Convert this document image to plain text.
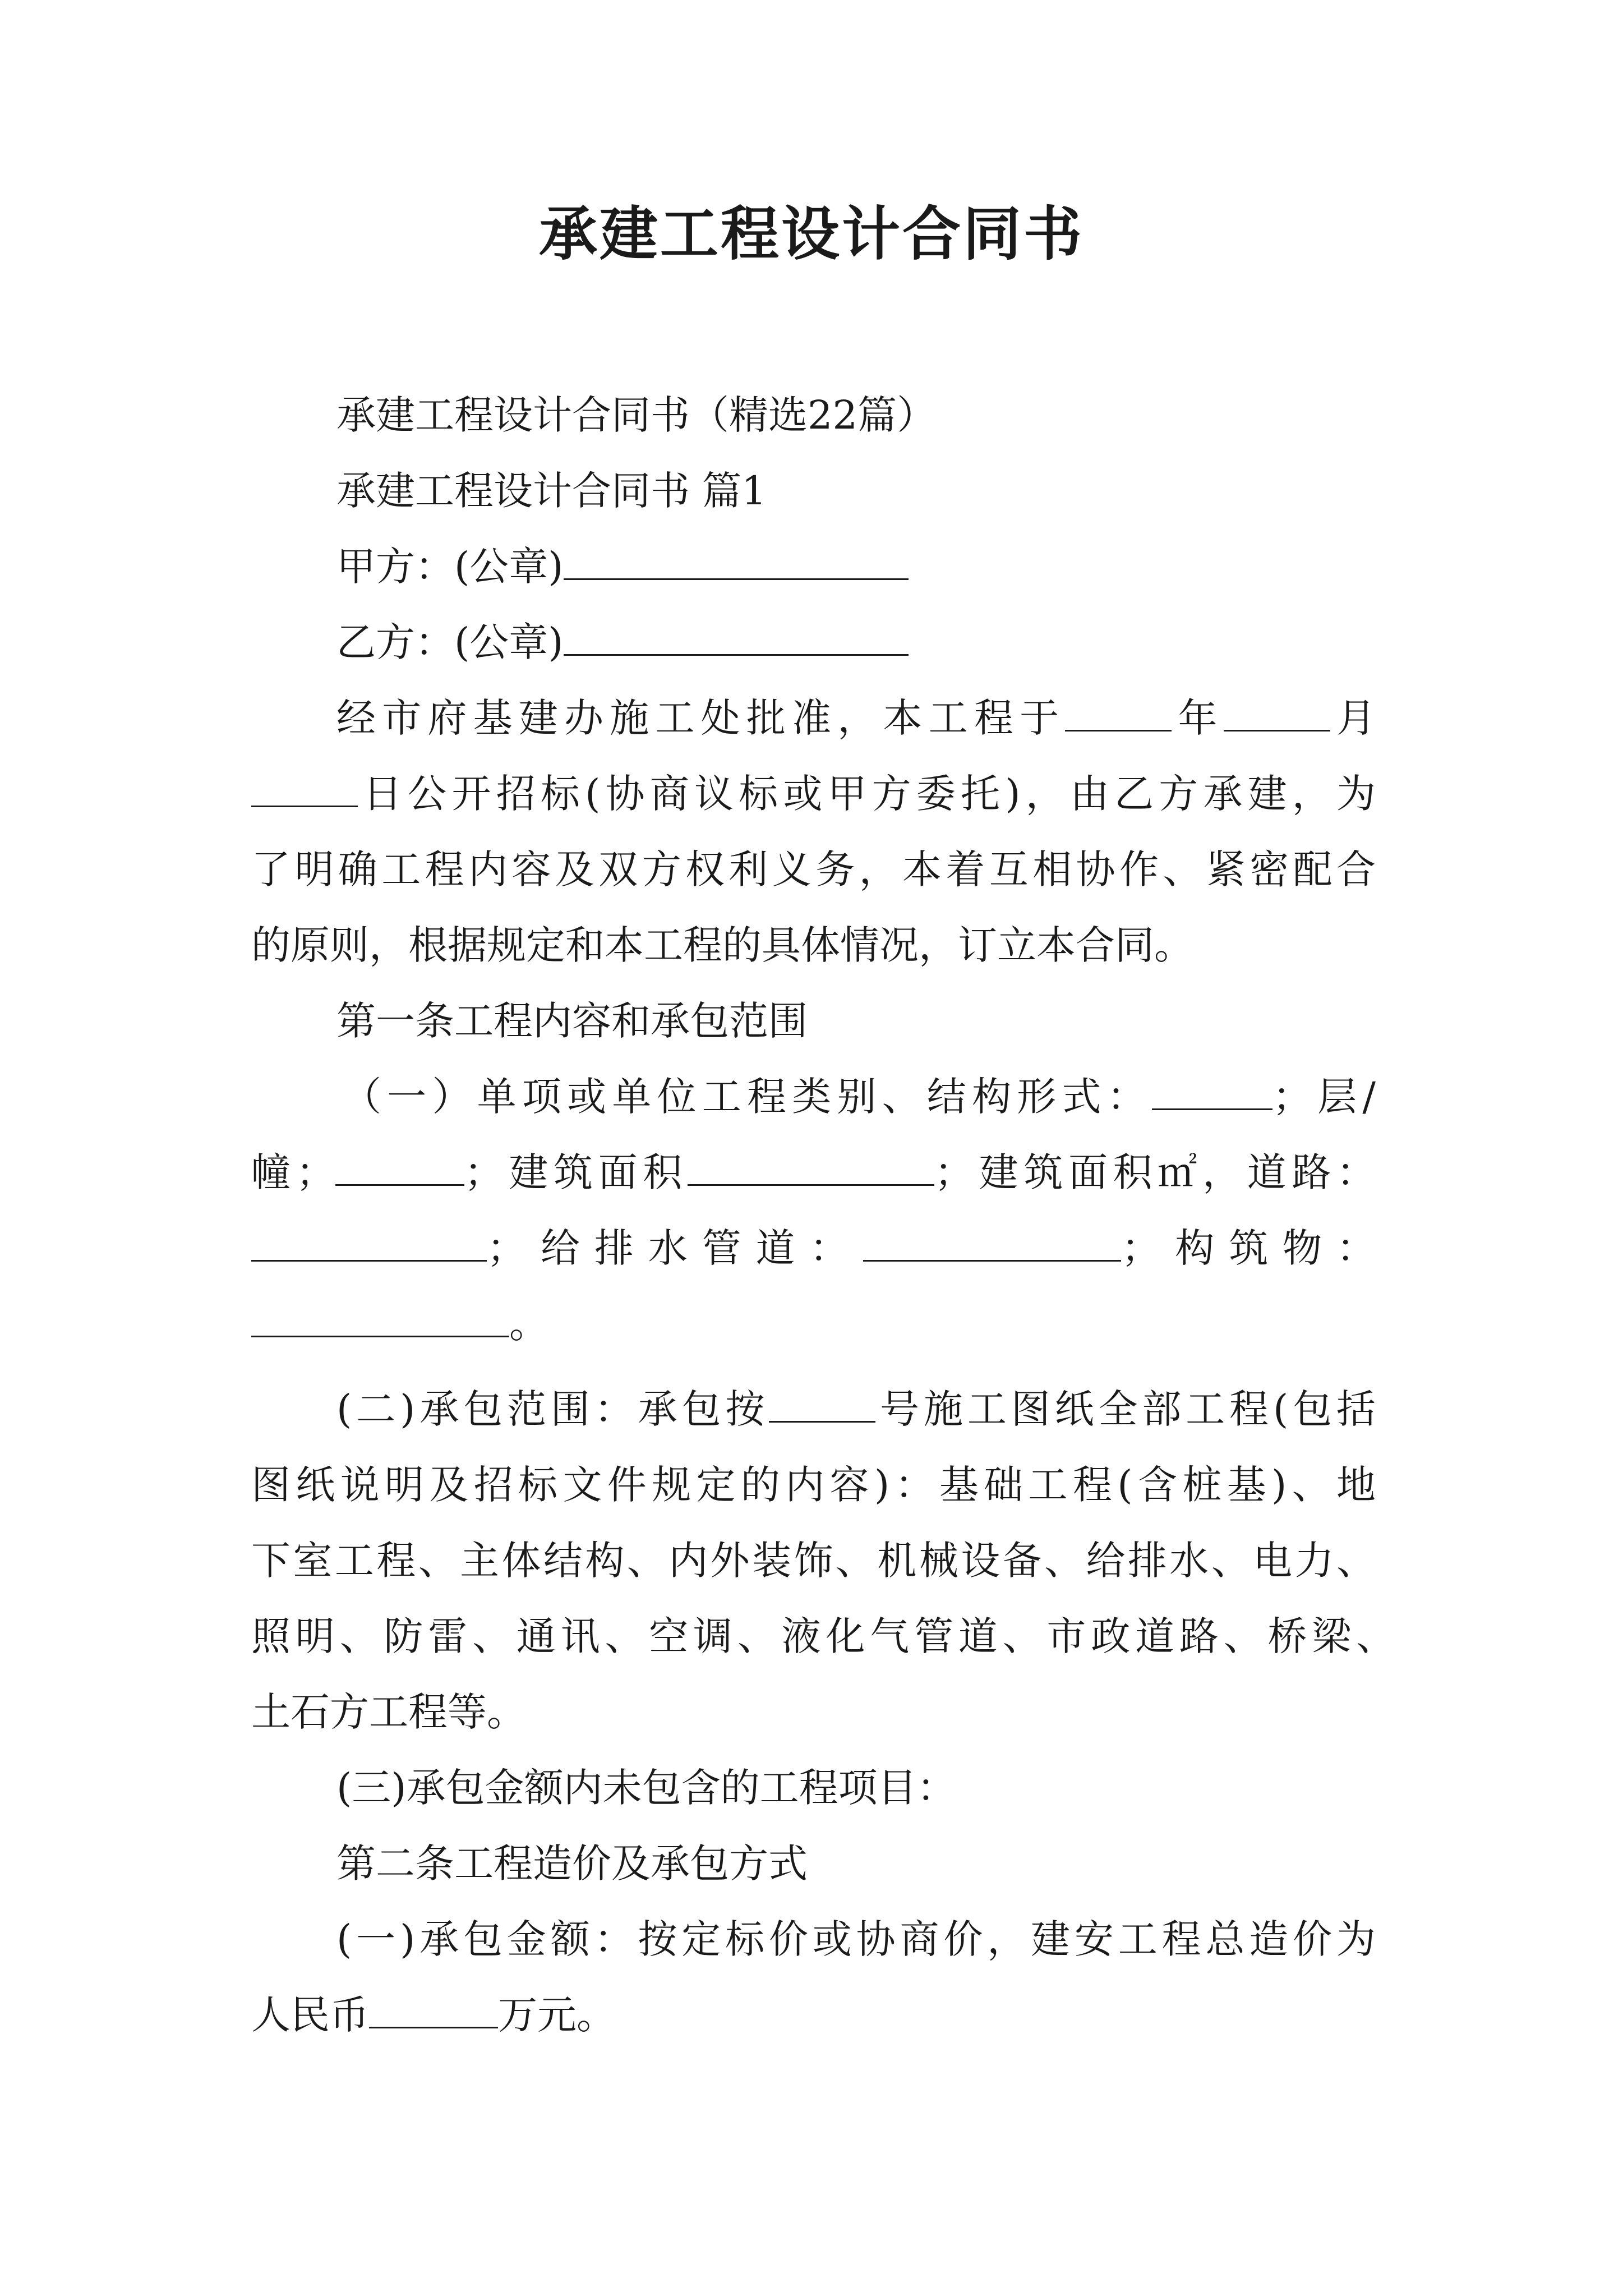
承建工程设计合同书
承建工程设计合同书（精选22篇）
承建工程设计合同书 篇1
甲方：(公章)
乙方：(公章)
经市府基建办施工处批准，本工程于	年	月
日公开招标(协商议标或甲方委托)，由乙方承建，为
了明确工程内容及双方权利义务，本着互相协作、紧密配合
的原则，根据规定和本工程的具体情况，订立本合同。
第一条工程内容和承包范围
（一）单项或单位工程类别、结构形式：	；层/
幢；	；建筑面积	；建筑面积㎡，道路：
；给排水管道：	；构筑物：
。
(二)承包范围：承包按	号施工图纸全部工程(包括
图纸说明及招标文件规定的内容)：基础工程(含桩基)、地
下室工程、主体结构、内外装饰、机械设备、给排水、电力、
照明、防雷、通讯、空调、液化气管道、市政道路、桥梁、
土石方工程等。
(三)承包金额内未包含的工程项目：
第二条工程造价及承包方式
(一)承包金额：按定标价或协商价，建安工程总造价为
人民币	万元。
